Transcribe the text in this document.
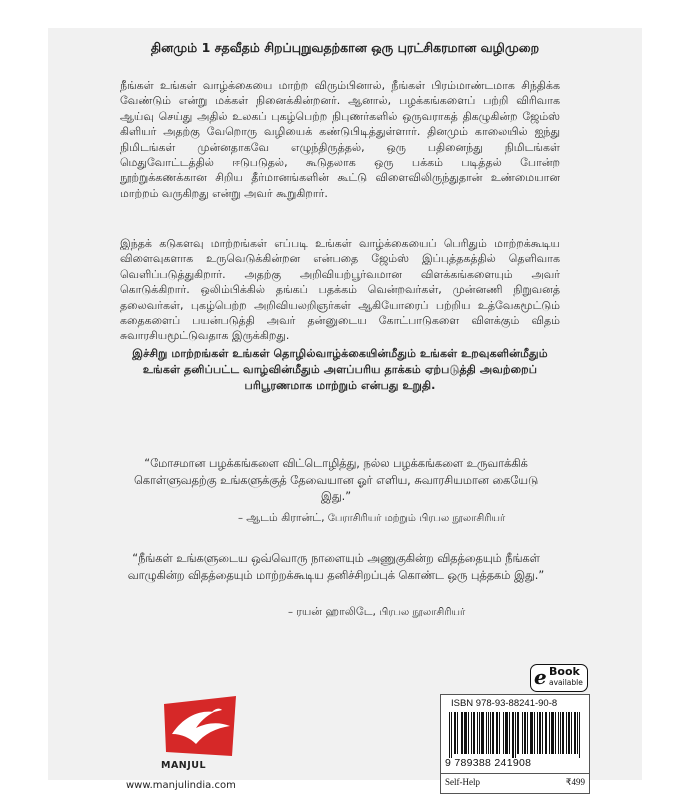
தினமும் 1 சதவீதம் சிறப்புறுவதற்கான ஒரு புரட்சிகரமான வழிமுறை

நீங்கள் உங்கள் வாழ்க்கையை மாற்ற விரும்பினால், நீங்கள் பிரம்மாண்டமாக சிந்திக்க வேண்டும் என்று மக்கள் நினைக்கின்றனர். ஆனால், பழக்கங்களைப் பற்றி விரிவாக ஆய்வு செய்து அதில் உலகப் புகழ்பெற்ற நிபுணர்களில் ஒருவராகத் திகழுகின்ற ஜேம்ஸ் கிளியர் அதற்கு வேறொரு வழியைக் கண்டுபிடித்துள்ளார். தினமும் காலையில் ஐந்து நிமிடங்கள் முன்னதாகவே எழுந்திருத்தல், ஒரு பதினைந்து நிமிடங்கள் மெதுவோட்டத்தில் ஈடுபடுதல், கூடுதலாக ஒரு பக்கம் படித்தல் போன்ற நூற்றுக்கணக்கான சிறிய தீர்மானங்களின் கூட்டு விளைவிலிருந்துதான் உண்மையான மாற்றம் வருகிறது என்று அவர் கூறுகிறார்.

இந்தக் கடுகளவு மாற்றங்கள் எப்படி உங்கள் வாழ்க்கையைப் பெரிதும் மாற்றக்கூடிய விளைவுகளாக உருவெடுக்கின்றன என்பதை ஜேம்ஸ் இப்புத்தகத்தில் தெளிவாக வெளிப்படுத்துகிறார். அதற்கு அறிவியற்பூர்வமான விளக்கங்களையும் அவர் கொடுக்கிறார். ஒலிம்பிக்கில் தங்கப் பதக்கம் வென்றவர்கள், முன்னணி நிறுவனத் தலைவர்கள், புகழ்பெற்ற அறிவியலறிஞர்கள் ஆகியோரைப் பற்றிய உத்வேகமூட்டும் கதைகளைப் பயன்படுத்தி அவர் தன்னுடைய கோட்பாடுகளை விளக்கும் விதம் சுவாரசியமூட்டுவதாக இருக்கிறது.

இச்சிறு மாற்றங்கள் உங்கள் தொழில்வாழ்க்கையின்மீதும் உங்கள் உறவுகளின்மீதும் உங்கள் தனிப்பட்ட வாழ்வின்மீதும் அளப்பரிய தாக்கம் ஏற்படுத்தி அவற்றைப் பரிபூரணமாக மாற்றும் என்பது உறுதி.

“மோசமான பழக்கங்களை விட்டொழித்து, நல்ல பழக்கங்களை உருவாக்கிக் கொள்ளுவதற்கு உங்களுக்குத் தேவையான ஓர் எளிய, சுவாரசியமான கையேடு இது.”
– ஆடம் கிரான்ட், பேராசிரியர் மற்றும் பிரபல நூலாசிரியர்
“நீங்கள் உங்களுடைய ஒவ்வொரு நாளையும் அணுகுகின்ற விதத்தையும் நீங்கள் வாழுகின்ற விதத்தையும் மாற்றக்கூடிய தனிச்சிறப்புக் கொண்ட ஒரு புத்தகம் இது.”
– ரயன் ஹாலிடே, பிரபல நூலாசிரியர்
MANJUL
www.manjulindia.com
e Book
available
ISBN 978-93-88241-90-8
9 789388 241908
Self-Help	₹499
